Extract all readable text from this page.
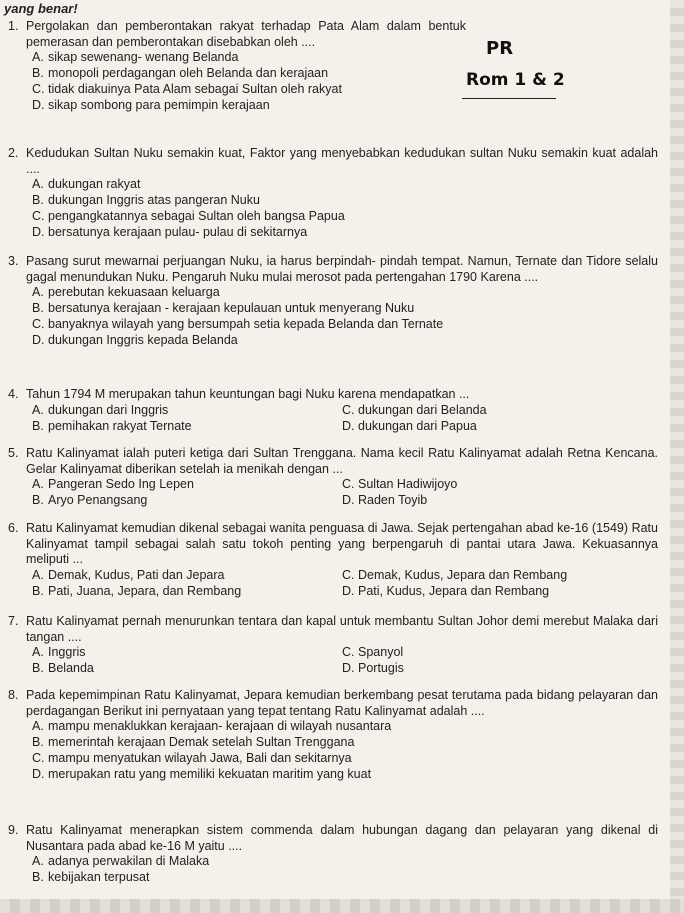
yang benar!
PR
Rom 1 & 2
1. Pergolakan dan pemberontakan rakyat terhadap Pata Alam dalam bentuk pemerasan dan pemberontakan disebabkan oleh ....
A. sikap sewenang- wenang Belanda
B. monopoli perdagangan oleh Belanda dan kerajaan
C. tidak diakuinya Pata Alam sebagai Sultan oleh rakyat
D. sikap sombong para pemimpin kerajaan
2. Kedudukan Sultan Nuku semakin kuat, Faktor yang menyebabkan kedudukan sultan Nuku semakin kuat adalah ....
A. dukungan rakyat
B. dukungan Inggris atas pangeran Nuku
C. pengangkatannya sebagai Sultan oleh bangsa Papua
D. bersatunya kerajaan pulau- pulau di sekitarnya
3. Pasang surut mewarnai perjuangan Nuku, ia harus berpindah- pindah tempat. Namun, Ternate dan Tidore selalu gagal menundukan Nuku. Pengaruh Nuku mulai merosot pada pertengahan 1790 Karena ....
A. perebutan kekuasaan keluarga
B. bersatunya kerajaan - kerajaan kepulauan untuk menyerang Nuku
C. banyaknya wilayah yang bersumpah setia kepada Belanda dan Ternate
D. dukungan Inggris kepada Belanda
4. Tahun 1794 M merupakan tahun keuntungan bagi Nuku karena mendapatkan ...
A. dukungan dari Inggris	C. dukungan dari Belanda
B. pemihakan rakyat Ternate	D. dukungan dari Papua
5. Ratu Kalinyamat ialah puteri ketiga dari Sultan Trenggana. Nama kecil Ratu Kalinyamat adalah Retna Kencana. Gelar Kalinyamat diberikan setelah ia menikah dengan ...
A. Pangeran Sedo Ing Lepen	C. Sultan Hadiwijoyo
B. Aryo Penangsang	D. Raden Toyib
6. Ratu Kalinyamat kemudian dikenal sebagai wanita penguasa di Jawa. Sejak pertengahan abad ke-16 (1549) Ratu Kalinyamat tampil sebagai salah satu tokoh penting yang berpengaruh di pantai utara Jawa. Kekuasannya meliputi ...
A. Demak, Kudus, Pati dan Jepara	C. Demak, Kudus, Jepara dan Rembang
B. Pati, Juana, Jepara, dan Rembang	D. Pati, Kudus, Jepara dan Rembang
7. Ratu Kalinyamat pernah menurunkan tentara dan kapal untuk membantu Sultan Johor demi merebut Malaka dari tangan ....
A. Inggris	C. Spanyol
B. Belanda	D. Portugis
8. Pada kepemimpinan Ratu Kalinyamat, Jepara kemudian berkembang pesat terutama pada bidang pelayaran dan perdagangan Berikut ini pernyataan yang tepat tentang Ratu Kalinyamat adalah ....
A. mampu menaklukkan kerajaan- kerajaan di wilayah nusantara
B. memerintah kerajaan Demak setelah Sultan Trenggana
C. mampu menyatukan wilayah Jawa, Bali dan sekitarnya
D. merupakan ratu yang memiliki kekuatan maritim yang kuat
9. Ratu Kalinyamat menerapkan sistem commenda dalam hubungan dagang dan pelayaran yang dikenal di Nusantara pada abad ke-16 M yaitu ....
A. adanya perwakilan di Malaka
B. kebijakan terpusat
